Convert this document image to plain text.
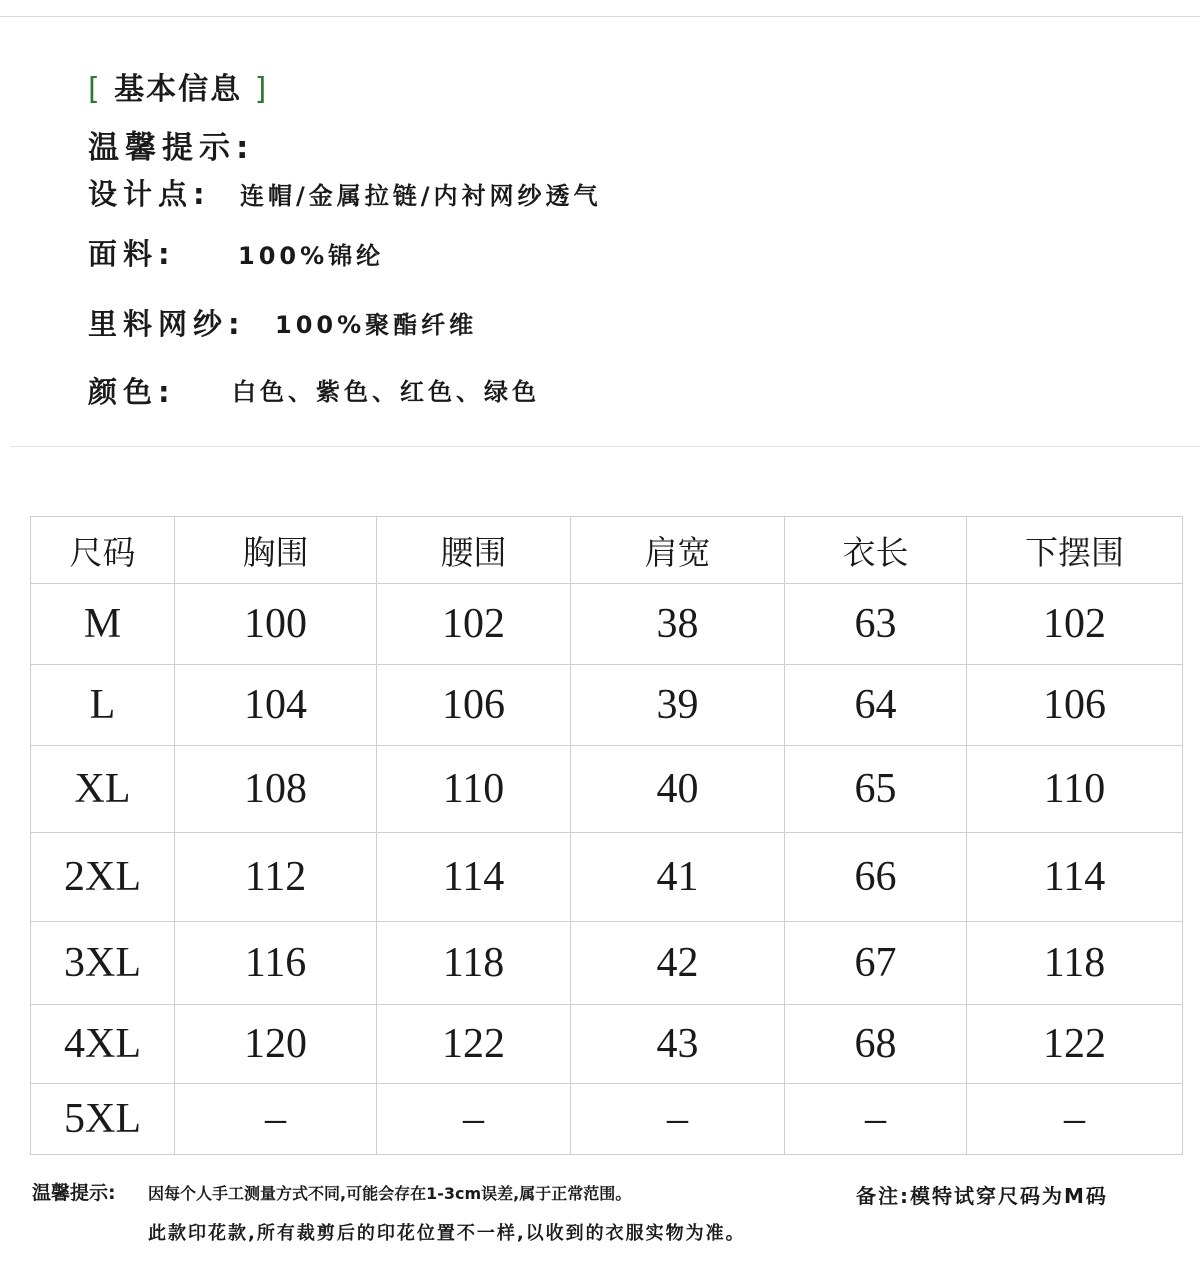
[ 基本信息 ]
温馨提示:
设计点: 连帽/金属拉链/内衬网纱透气
面料:	100%锦纶
里料网纱: 100%聚酯纤维
颜色: 白色、紫色、红色、绿色
尺码	胸围	腰围	肩宽	衣长	下摆围
M	100	102	38	63	102
L	104	106	39	64	106
XL	108	110	40	65	110
2XL	112	114	41	66	114
3XL	116	118	42	67	118
4XL	120	122	43	68	122
5XL	–	–	–	–	–
温馨提示: 因每个人手工测量方式不同,可能会存在1-3cm误差,属于正常范围。
此款印花款,所有裁剪后的印花位置不一样,以收到的衣服实物为准。
备注:模特试穿尺码为M码
